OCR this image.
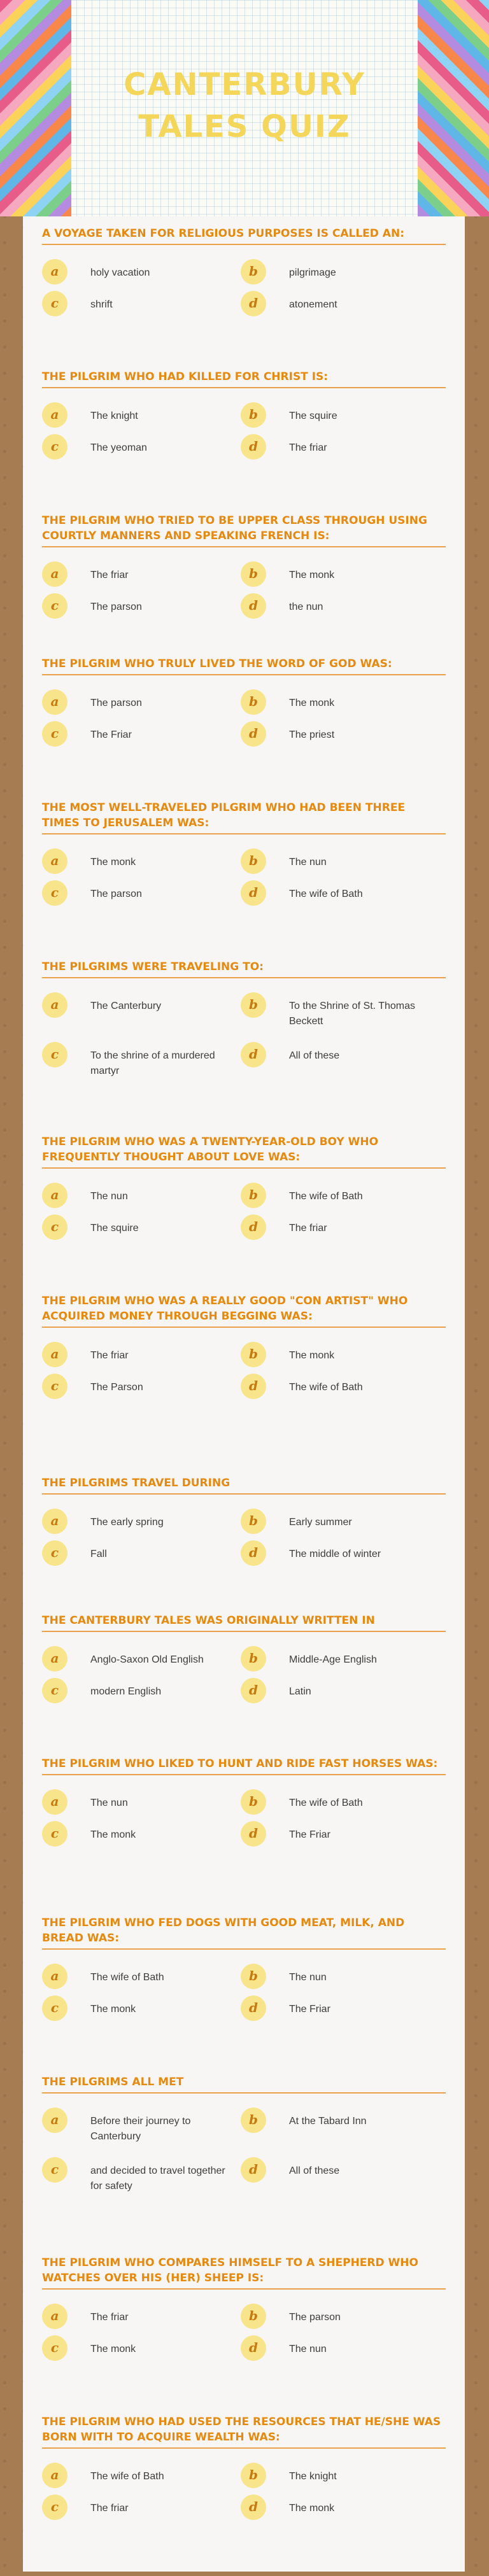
CANTERBURY TALES QUIZ
A VOYAGE TAKEN FOR RELIGIOUS PURPOSES IS CALLED AN:
a	holy vacation	b	pilgrimage
c	shrift	d	atonement
THE PILGRIM WHO HAD KILLED FOR CHRIST IS:
a	The knight	b	The squire
c	The yeoman	d	The friar
THE PILGRIM WHO TRIED TO BE UPPER CLASS THROUGH USING COURTLY MANNERS AND SPEAKING FRENCH IS:
a	The friar	b	The monk
c	The parson	d	the nun
THE PILGRIM WHO TRULY LIVED THE WORD OF GOD WAS:
a	The parson	b	The monk
c	The Friar	d	The priest
THE MOST WELL-TRAVELED PILGRIM WHO HAD BEEN THREE TIMES TO JERUSALEM WAS:
a	The monk	b	The nun
c	The parson	d	The wife of Bath
THE PILGRIMS WERE TRAVELING TO:
a	The Canterbury	b	To the Shrine of St. Thomas Beckett
c	To the shrine of a murdered martyr
d	All of these
THE PILGRIM WHO WAS A TWENTY-YEAR-OLD BOY WHO FREQUENTLY THOUGHT ABOUT LOVE WAS:
a	The nun	b	The wife of Bath
c	The squire	d	The friar
THE PILGRIM WHO WAS A REALLY GOOD "CON ARTIST" WHO ACQUIRED MONEY THROUGH BEGGING WAS:
a	The friar	b	The monk
c	The Parson	d	The wife of Bath
THE PILGRIMS TRAVEL DURING
a	The early spring	b	Early summer
c	Fall	d	The middle of winter
THE CANTERBURY TALES WAS ORIGINALLY WRITTEN IN
a	Anglo-Saxon Old English	b	Middle-Age English
c	modern English	d	Latin
THE PILGRIM WHO LIKED TO HUNT AND RIDE FAST HORSES WAS:
a	The nun	b	The wife of Bath
c	The monk	d	The Friar
THE PILGRIM WHO FED DOGS WITH GOOD MEAT, MILK, AND BREAD WAS:
a	The wife of Bath	b	The nun
c	The monk	d	The Friar
THE PILGRIMS ALL MET
a	Before their journey to Canterbury
b	At the Tabard Inn
c	and decided to travel together for safety
d	All of these
THE PILGRIM WHO COMPARES HIMSELF TO A SHEPHERD WHO WATCHES OVER HIS (HER) SHEEP IS:
a	The friar	b	The parson
c	The monk	d	The nun
THE PILGRIM WHO HAD USED THE RESOURCES THAT HE/SHE WAS BORN WITH TO ACQUIRE WEALTH WAS:
a	The wife of Bath	b	The knight
c	The friar	d	The monk
